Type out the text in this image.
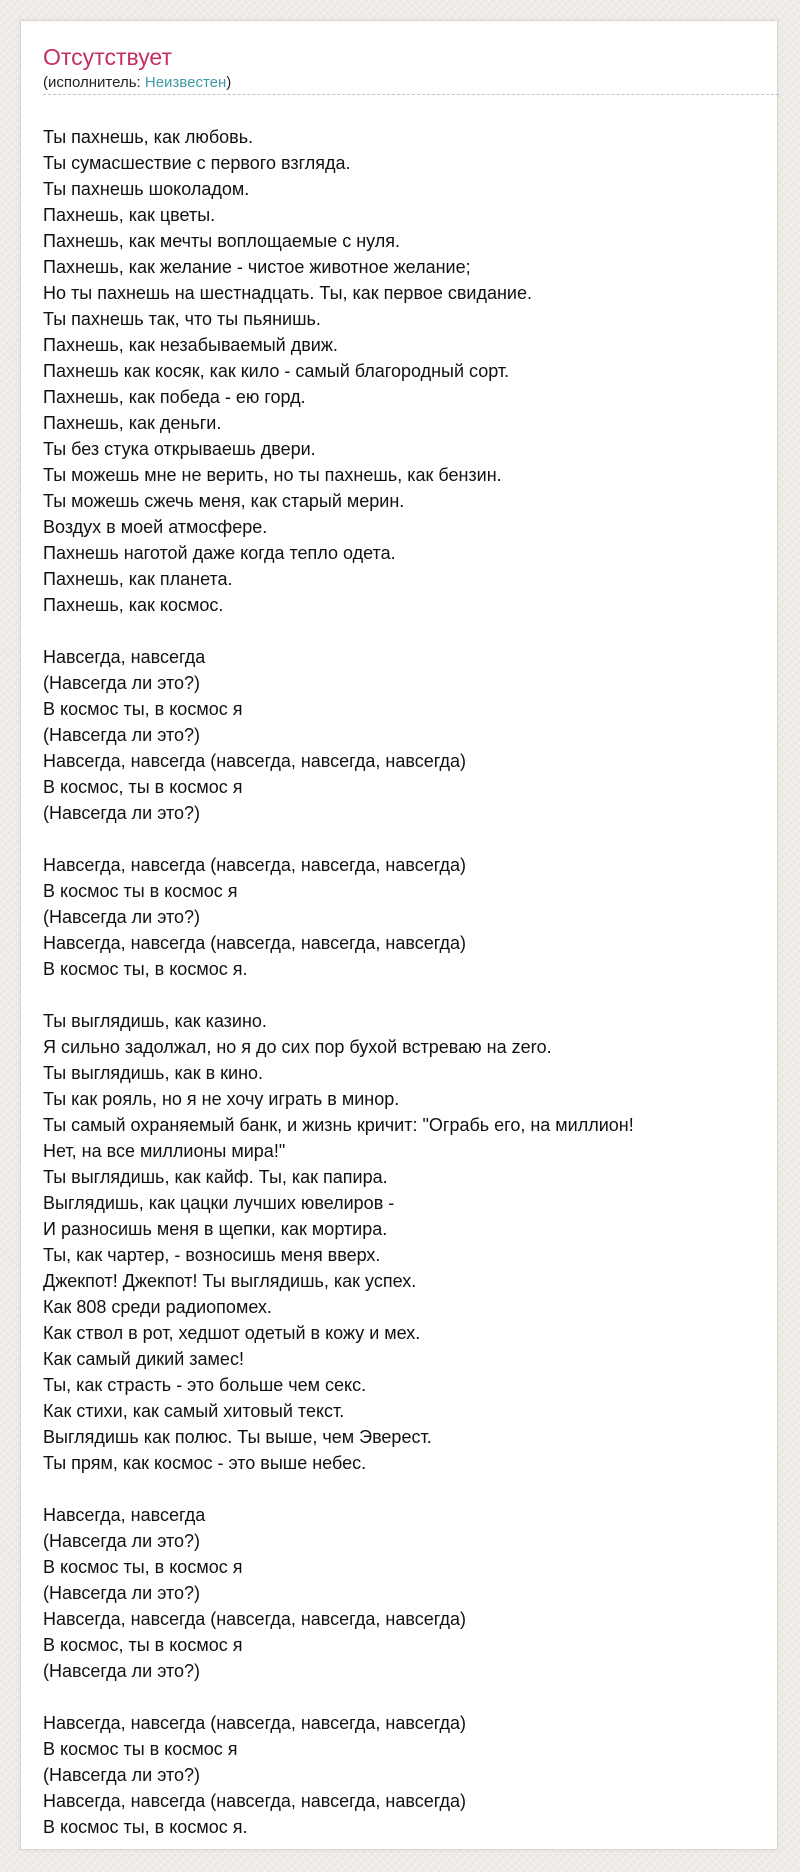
Отсутствует
(исполнитель: Неизвестен)
Ты пахнешь, как любовь.
Ты сумасшествие с первого взгляда.
Ты пахнешь шоколадом.
Пахнешь, как цветы.
Пахнешь, как мечты воплощаемые с нуля.
Пахнешь, как желание - чистое животное желание;
Но ты пахнешь на шестнадцать. Ты, как первое свидание.
Ты пахнешь так, что ты пьянишь.
Пахнешь, как незабываемый движ.
Пахнешь как косяк, как кило - самый благородный сорт.
Пахнешь, как победа - ею горд.
Пахнешь, как деньги.
Ты без стука открываешь двери.
Ты можешь мне не верить, но ты пахнешь, как бензин.
Ты можешь сжечь меня, как старый мерин.
Воздух в моей атмосфере.
Пахнешь наготой даже когда тепло одета.
Пахнешь, как планета.
Пахнешь, как космос.
Навсегда, навсегда
(Навсегда ли это?)
В космос ты, в космос я
(Навсегда ли это?)
Навсегда, навсегда (навсегда, навсегда, навсегда)
В космос, ты в космос я
(Навсегда ли это?)
Навсегда, навсегда (навсегда, навсегда, навсегда)
В космос ты в космос я
(Навсегда ли это?)
Навсегда, навсегда (навсегда, навсегда, навсегда)
В космос ты, в космос я.
Ты выглядишь, как казино.
Я сильно задолжал, но я до сих пор бухой встреваю на zero.
Ты выглядишь, как в кино.
Ты как рояль, но я не хочу играть в минор.
Ты самый охраняемый банк, и жизнь кричит: "Ограбь его, на миллион!
Нет, на все миллионы мира!"
Ты выглядишь, как кайф. Ты, как папира.
Выглядишь, как цацки лучших ювелиров -
И разносишь меня в щепки, как мортира.
Ты, как чартер, - возносишь меня вверх.
Джекпот! Джекпот! Ты выглядишь, как успех.
Как 808 среди радиопомех.
Как ствол в рот, хедшот одетый в кожу и мех.
Как самый дикий замес!
Ты, как страсть - это больше чем секс.
Как стихи, как самый хитовый текст.
Выглядишь как полюс. Ты выше, чем Эверест.
Ты прям, как космос - это выше небес.
Навсегда, навсегда
(Навсегда ли это?)
В космос ты, в космос я
(Навсегда ли это?)
Навсегда, навсегда (навсегда, навсегда, навсегда)
В космос, ты в космос я
(Навсегда ли это?)
Навсегда, навсегда (навсегда, навсегда, навсегда)
В космос ты в космос я
(Навсегда ли это?)
Навсегда, навсегда (навсегда, навсегда, навсегда)
В космос ты, в космос я.
